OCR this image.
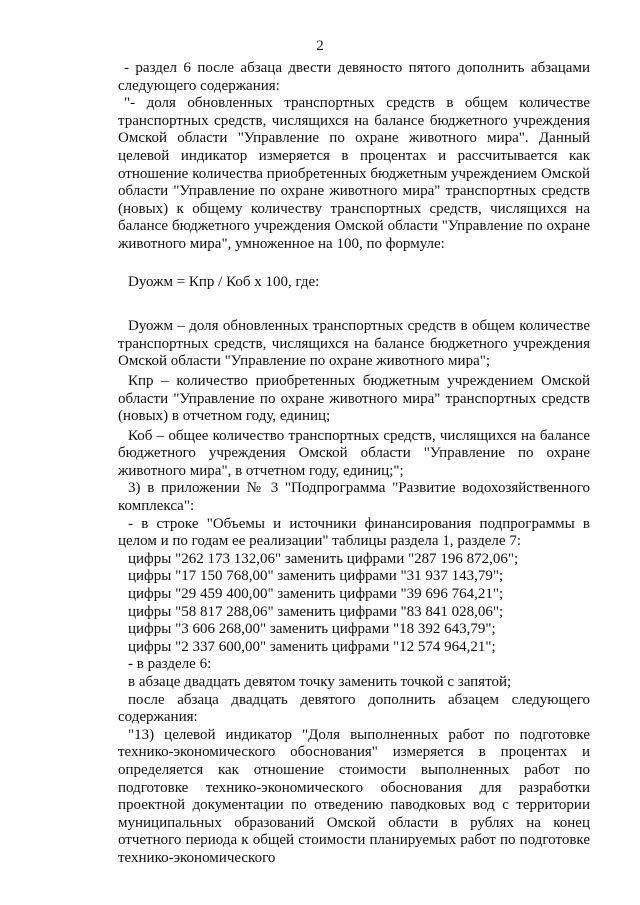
2

- раздел 6 после абзаца двести девяносто пятого дополнить абзацами следующего содержания:

"- доля обновленных транспортных средств в общем количестве транспортных средств, числящихся на балансе бюджетного учреждения Омской области "Управление по охране животного мира". Данный целевой индикатор измеряется в процентах и рассчитывается как отношение количества приобретенных бюджетным учреждением Омской области "Управление по охране животного мира" транспортных средств (новых) к общему количеству транспортных средств, числящихся на балансе бюджетного учреждения Омской области "Управление по охране животного мира", умноженное на 100, по формуле:

Dуожм = Кпр / Коб х 100, где:

Dуожм – доля обновленных транспортных средств в общем количестве транспортных средств, числящихся на балансе бюджетного учреждения Омской области "Управление по охране животного мира";

Кпр – количество приобретенных бюджетным учреждением Омской области "Управление по охране животного мира" транспортных средств (новых) в отчетном году, единиц;

Коб – общее количество транспортных средств, числящихся на балансе бюджетного учреждения Омской области "Управление по охране животного мира", в отчетном году, единиц;";

3) в приложении № 3 "Подпрограмма "Развитие водохозяйственного комплекса":

- в строке "Объемы и источники финансирования подпрограммы в целом и по годам ее реализации" таблицы раздела 1, разделе 7:

цифры "262 173 132,06" заменить цифрами "287 196 872,06";

цифры "17 150 768,00" заменить цифрами "31 937 143,79";

цифры "29 459 400,00" заменить цифрами "39 696 764,21";

цифры "58 817 288,06" заменить цифрами "83 841 028,06";

цифры "3 606 268,00" заменить цифрами "18 392 643,79";

цифры "2 337 600,00" заменить цифрами "12 574 964,21";

- в разделе 6:

в абзаце двадцать девятом точку заменить точкой с запятой;

после абзаца двадцать девятого дополнить абзацем следующего содержания:

"13) целевой индикатор "Доля выполненных работ по подготовке технико-экономического обоснования" измеряется в процентах и определяется как отношение стоимости выполненных работ по подготовке технико-экономического обоснования для разработки проектной документации по отведению паводковых вод с территории муниципальных образований Омской области в рублях на конец отчетного периода к общей стоимости планируемых работ по подготовке технико-экономического
